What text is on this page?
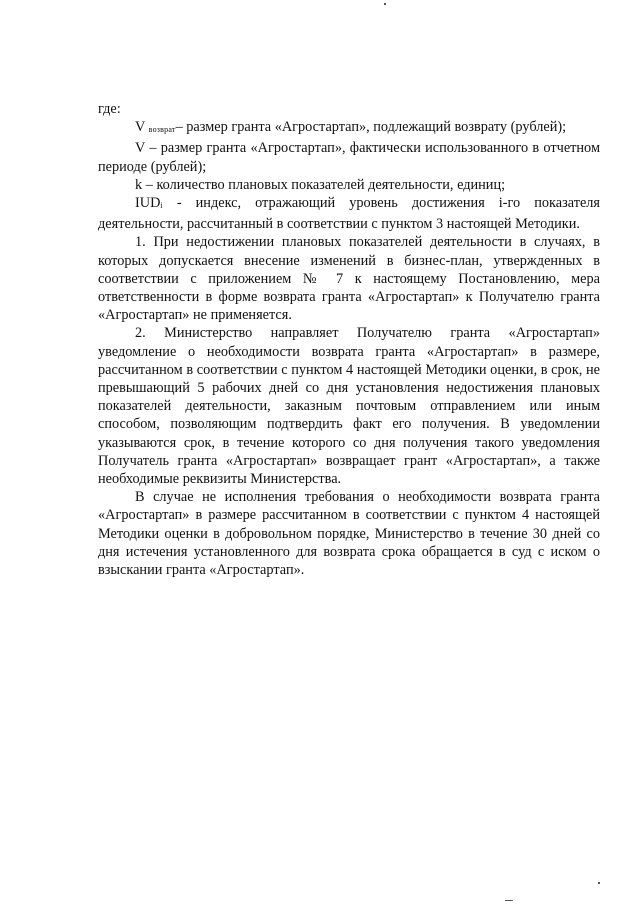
где:

V возврат– размер гранта «Агростартап», подлежащий возврату (рублей);

V – размер гранта «Агростартап», фактически использованного в отчетном периоде (рублей);

k – количество плановых показателей деятельности, единиц;

IUDi - индекс, отражающий уровень достижения i-го показателя деятельности, рассчитанный в соответствии с пунктом 3 настоящей Методики.

1. При недостижении плановых показателей деятельности в случаях, в которых допускается внесение изменений в бизнес-план, утвержденных в соответствии с приложением № 7 к настоящему Постановлению, мера ответственности в форме возврата гранта «Агростартап» к Получателю гранта «Агростартап» не применяется.

2. Министерство направляет Получателю гранта «Агростартап» уведомление о необходимости возврата гранта «Агростартап» в размере, рассчитанном в соответствии с пунктом 4 настоящей Методики оценки, в срок, не превышающий 5 рабочих дней со дня установления недостижения плановых показателей деятельности, заказным почтовым отправлением или иным способом, позволяющим подтвердить факт его получения. В уведомлении указываются срок, в течение которого со дня получения такого уведомления Получатель гранта «Агростартап» возвращает грант «Агростартап», а также необходимые реквизиты Министерства.

В случае не исполнения требования о необходимости возврата гранта «Агростартап» в размере рассчитанном в соответствии с пунктом 4 настоящей Методики оценки в добровольном порядке, Министерство в течение 30 дней со дня истечения установленного для возврата срока обращается в суд с иском о взыскании гранта «Агростартап».
